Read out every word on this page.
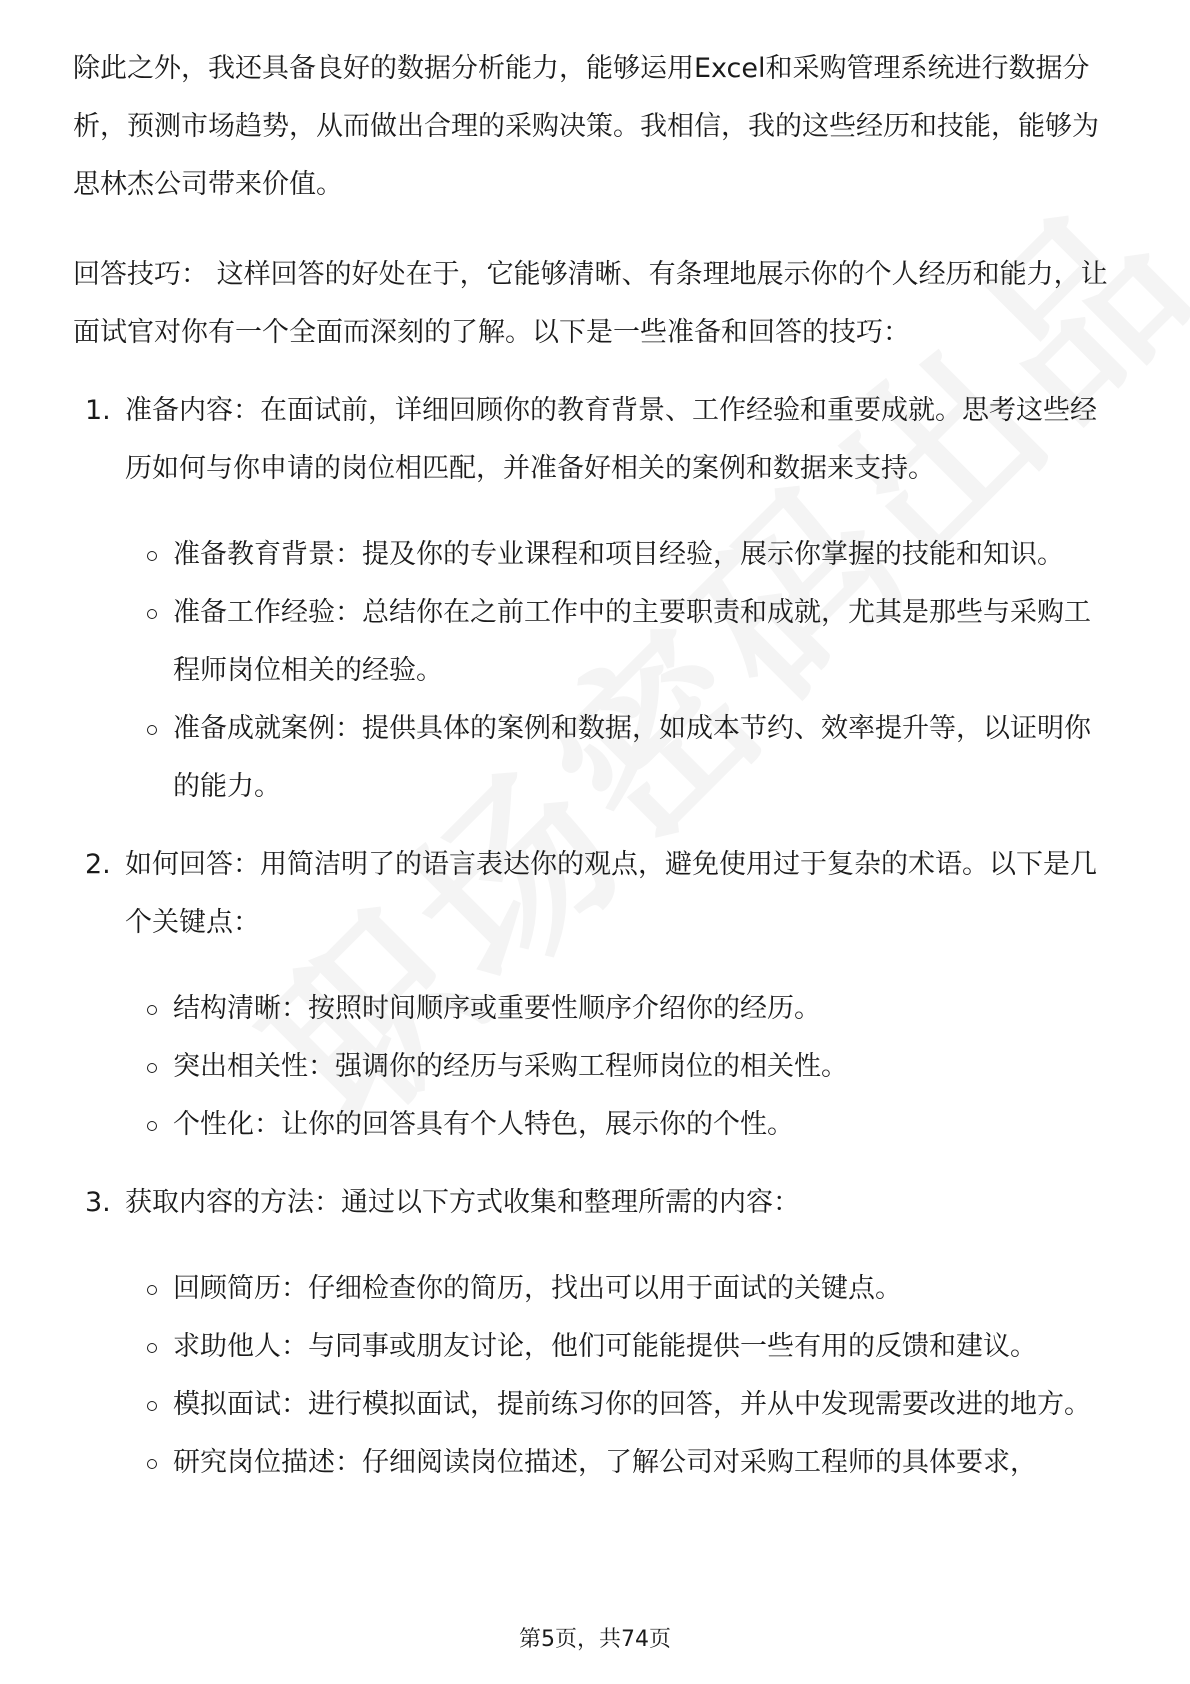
除此之外，我还具备良好的数据分析能力，能够运用Excel和采购管理系统进行数据分析，预测市场趋势，从而做出合理的采购决策。我相信，我的这些经历和技能，能够为思林杰公司带来价值。

回答技巧： 这样回答的好处在于，它能够清晰、有条理地展示你的个人经历和能力，让面试官对你有一个全面而深刻的了解。以下是一些准备和回答的技巧：

1. 准备内容：在面试前，详细回顾你的教育背景、工作经验和重要成就。思考这些经历如何与你申请的岗位相匹配，并准备好相关的案例和数据来支持。
准备教育背景：提及你的专业课程和项目经验，展示你掌握的技能和知识。
准备工作经验：总结你在之前工作中的主要职责和成就，尤其是那些与采购工程师岗位相关的经验。
准备成就案例：提供具体的案例和数据，如成本节约、效率提升等，以证明你的能力。
2. 如何回答：用简洁明了的语言表达你的观点，避免使用过于复杂的术语。以下是几个关键点：
结构清晰：按照时间顺序或重要性顺序介绍你的经历。
突出相关性：强调你的经历与采购工程师岗位的相关性。
个性化：让你的回答具有个人特色，展示你的个性。
3. 获取内容的方法：通过以下方式收集和整理所需的内容：
回顾简历：仔细检查你的简历，找出可以用于面试的关键点。
求助他人：与同事或朋友讨论，他们可能能提供一些有用的反馈和建议。
模拟面试：进行模拟面试，提前练习你的回答，并从中发现需要改进的地方。
研究岗位描述：仔细阅读岗位描述，了解公司对采购工程师的具体要求，
第5页，共74页
